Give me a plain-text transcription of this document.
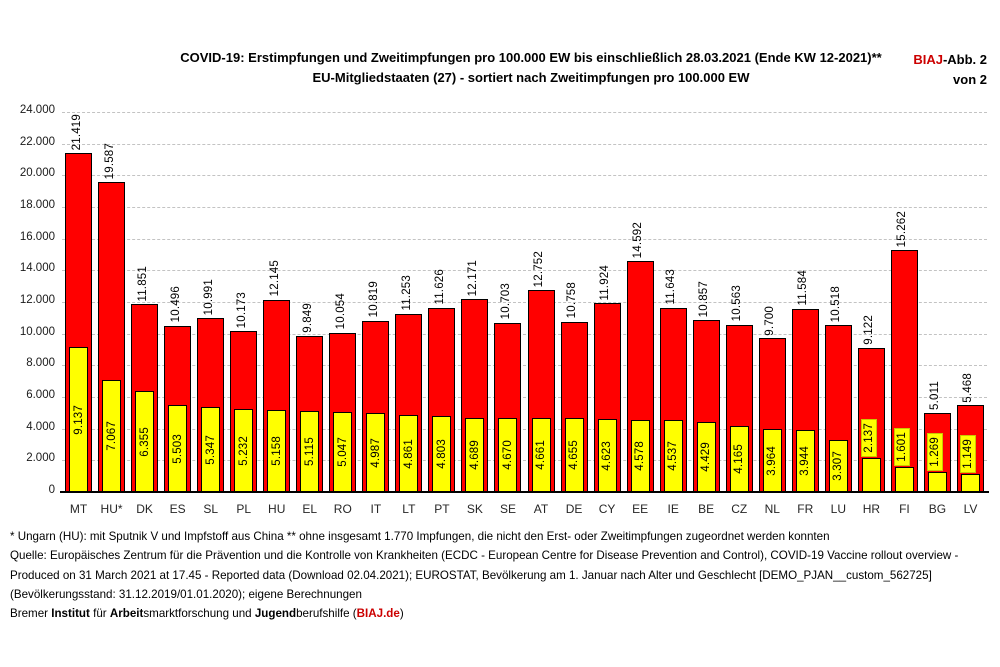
COVID-19: Erstimpfungen und Zweitimpfungen pro 100.000 EW bis einschließlich 28.03.2021 (Ende KW 12-2021)**
EU-Mitgliedstaaten (27) - sortiert nach Zweitimpfungen pro 100.000 EW
BIAJ-Abb. 2
von 2
0
2.000
4.000
6.000
8.000
10.000
12.000
14.000
16.000
18.000
20.000
22.000
24.000
21.419
9.137
MT
19.587
7.067
HU*
11.851
6.355
DK
10.496
5.503
ES
10.991
5.347
SL
10.173
5.232
PL
12.145
5.158
HU
9.849
5.115
EL
10.054
5.047
RO
10.819
4.987
IT
11.253
4.861
LT
11.626
4.803
PT
12.171
4.689
SK
10.703
4.670
SE
12.752
4.661
AT
10.758
4.655
DE
11.924
4.623
CY
14.592
4.578
EE
11.643
4.537
IE
10.857
4.429
BE
10.563
4.165
CZ
9.700
3.964
NL
11.584
3.944
FR
10.518
3.307
LU
9.122
2.137
HR
15.262
1.601
FI
5.011
1.269
BG
5.468
1.149
LV
* Ungarn (HU): mit Sputnik V und Impfstoff aus China ** ohne insgesamt 1.770 Impfungen, die nicht den Erst- oder Zweitimpfungen zugeordnet werden konnten
Quelle: Europäisches Zentrum für die Prävention und die Kontrolle von Krankheiten (ECDC - European Centre for Disease Prevention and Control), COVID-19 Vaccine rollout overview -
Produced on 31 March 2021 at 17.45 - Reported data (Download 02.04.2021); EUROSTAT, Bevölkerung am 1. Januar nach Alter und Geschlecht [DEMO_PJAN__custom_562725]
(Bevölkerungsstand: 31.12.2019/01.01.2020); eigene Berechnungen
Bremer Institut für Arbeitsmarktforschung und Jugendberufshilfe (BIAJ.de)
